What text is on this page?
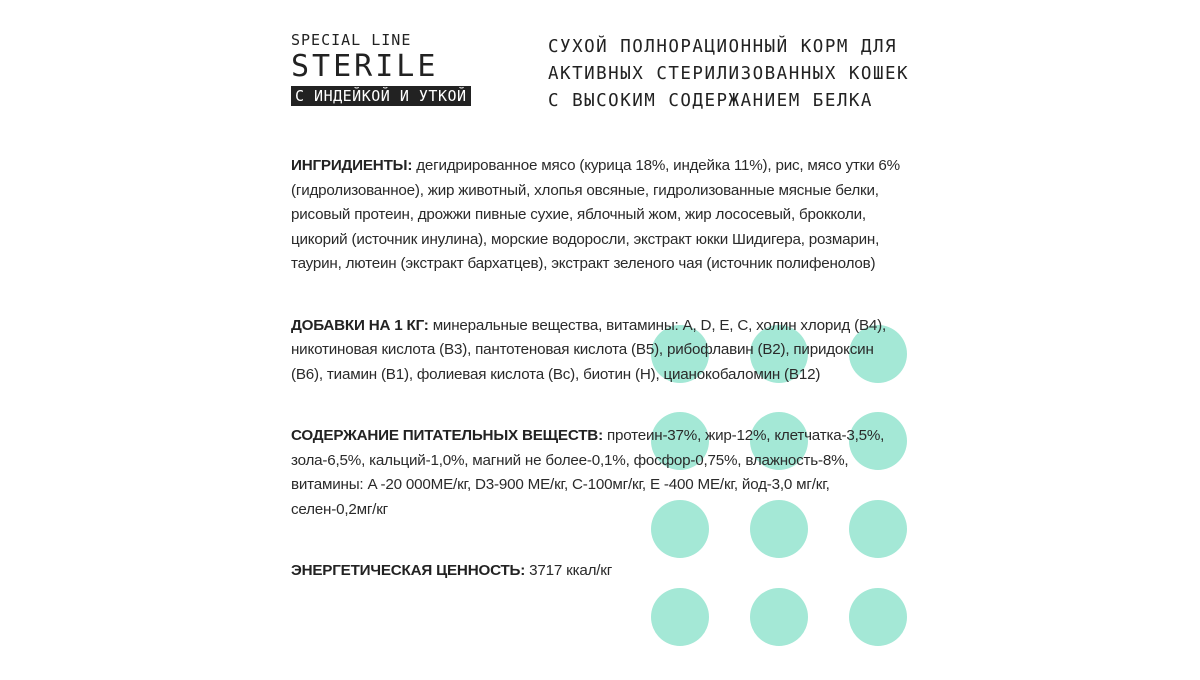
SPECIAL LINE
STERILE
С ИНДЕЙКОЙ И УТКОЙ
СУХОЙ ПОЛНОРАЦИОННЫЙ КОРМ ДЛЯ АКТИВНЫХ СТЕРИЛИЗОВАННЫХ КОШЕК С ВЫСОКИМ СОДЕРЖАНИЕМ БЕЛКА

ИНГРИДИЕНТЫ: дегидрированное мясо (курица 18%, индейка 11%), рис, мясо утки 6% (гидролизованное), жир животный, хлопья овсяные, гидролизованные мясные белки, рисовый протеин, дрожжи пивные сухие, яблочный жом, жир лососевый, брокколи, цикорий (источник инулина), морские водоросли, экстракт юкки Шидигера, розмарин, таурин, лютеин (экстракт бархатцев), экстракт зеленого чая (источник полифенолов)

ДОБАВКИ НА 1 КГ: минеральные вещества, витамины: A, D, E, C, холин хлорид (B4), никотиновая кислота (B3), пантотеновая кислота (B5), рибофлавин (B2), пиридоксин (B6), тиамин (B1), фолиевая кислота (Bc), биотин (H), цианокобаломин (B12)

СОДЕРЖАНИЕ ПИТАТЕЛЬНЫХ ВЕЩЕСТВ: протеин-37%, жир-12%, клетчатка-3,5%, зола-6,5%, кальций-1,0%, магний не более-0,1%, фосфор-0,75%, влажность-8%, витамины: A -20 000МЕ/кг, D3-900 МЕ/кг, C-100мг/кг, E -400 МЕ/кг, йод-3,0 мг/кг, селен-0,2мг/кг

ЭНЕРГЕТИЧЕСКАЯ ЦЕННОСТЬ: 3717 ккал/кг
